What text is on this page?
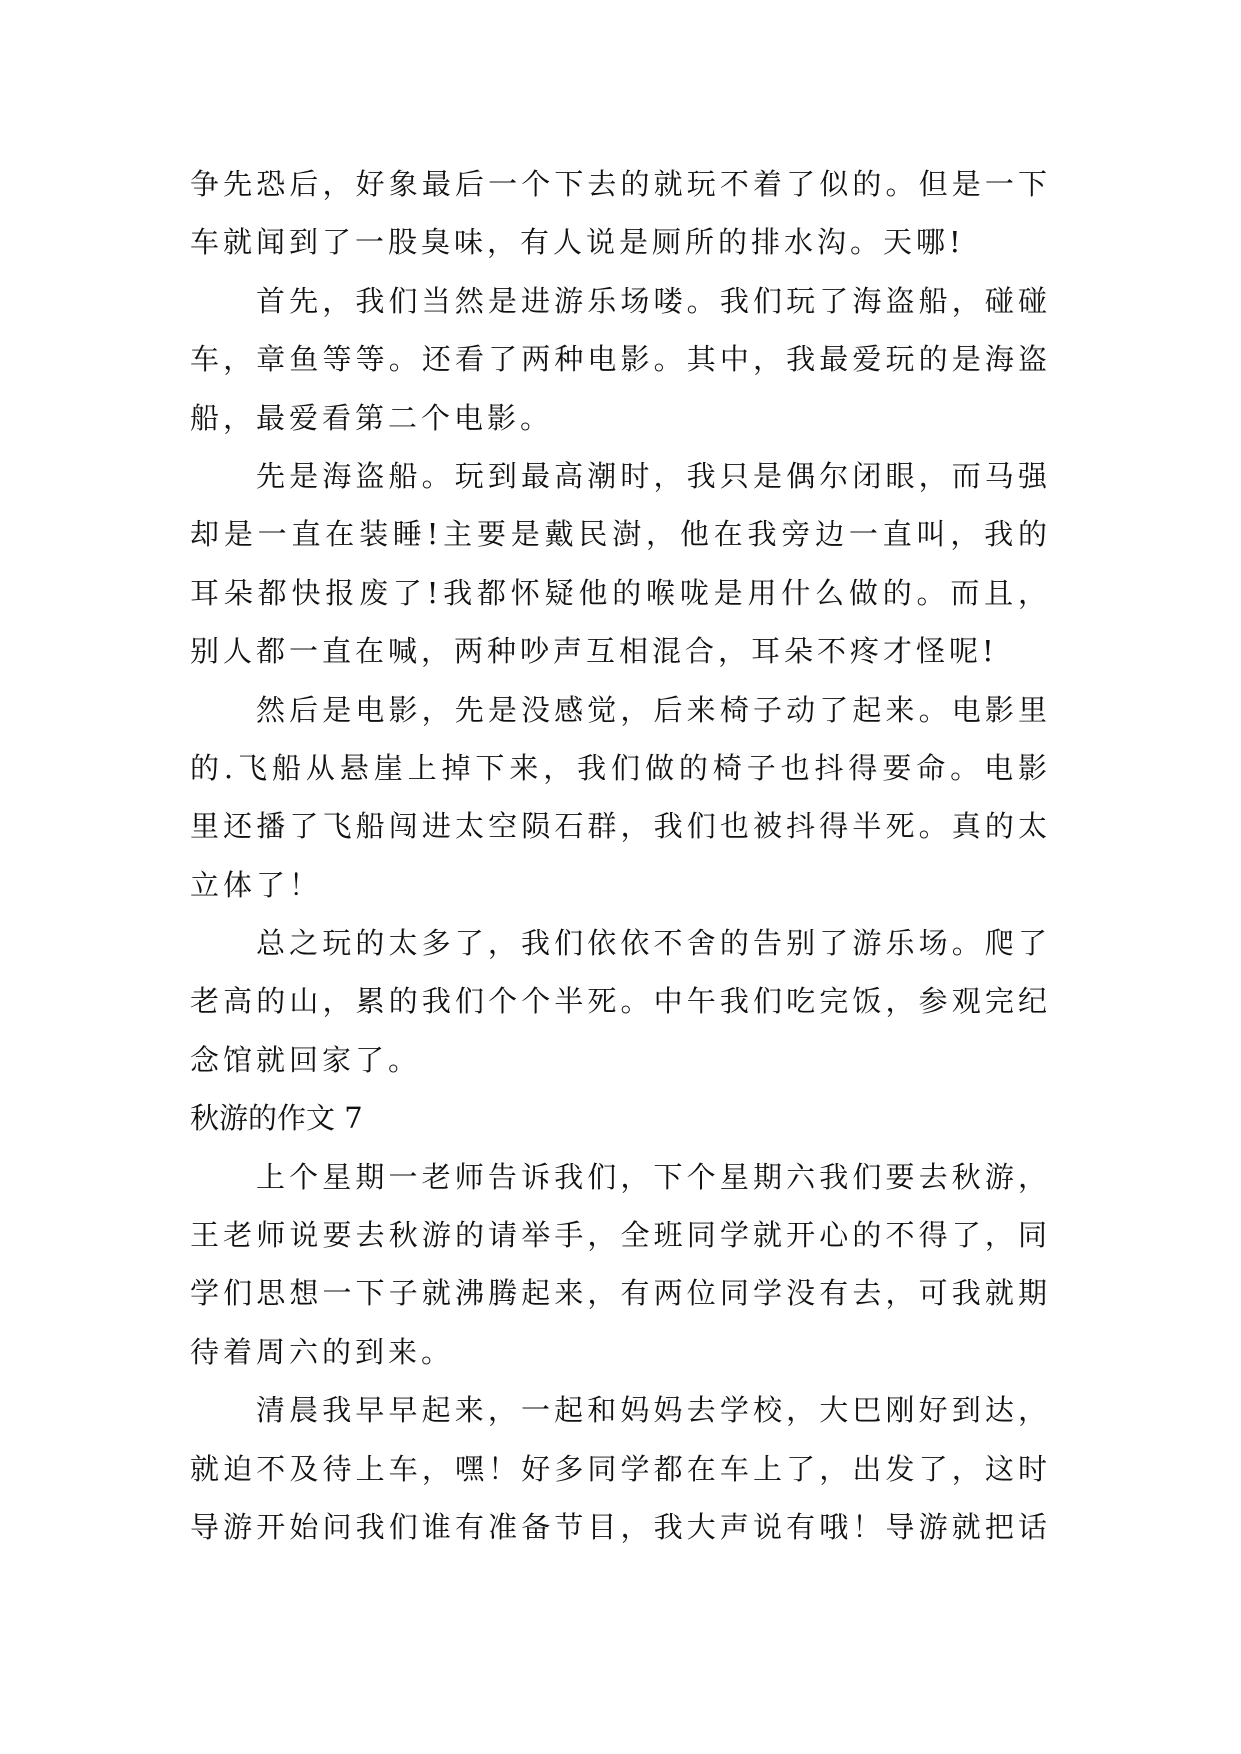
争先恐后，好象最后一个下去的就玩不着了似的。但是一下
车就闻到了一股臭味，有人说是厕所的排水沟。天哪!
首先，我们当然是进游乐场喽。我们玩了海盗船，碰碰
车，章鱼等等。还看了两种电影。其中，我最爱玩的是海盗
船，最爱看第二个电影。
先是海盗船。玩到最高潮时，我只是偶尔闭眼，而马强
却是一直在装睡!主要是戴民澍，他在我旁边一直叫，我的
耳朵都快报废了!我都怀疑他的喉咙是用什么做的。而且，
别人都一直在喊，两种吵声互相混合，耳朵不疼才怪呢!
然后是电影，先是没感觉，后来椅子动了起来。电影里
的.飞船从悬崖上掉下来，我们做的椅子也抖得要命。电影
里还播了飞船闯进太空陨石群，我们也被抖得半死。真的太
立体了！
总之玩的太多了，我们依依不舍的告别了游乐场。爬了
老高的山，累的我们个个半死。中午我们吃完饭，参观完纪
念馆就回家了。
秋游的作文 7
上个星期一老师告诉我们，下个星期六我们要去秋游，
王老师说要去秋游的请举手，全班同学就开心的不得了，同
学们思想一下子就沸腾起来，有两位同学没有去，可我就期
待着周六的到来。
清晨我早早起来，一起和妈妈去学校，大巴刚好到达，
就迫不及待上车，嘿！好多同学都在车上了，出发了，这时
导游开始问我们谁有准备节目，我大声说有哦！导游就把话
